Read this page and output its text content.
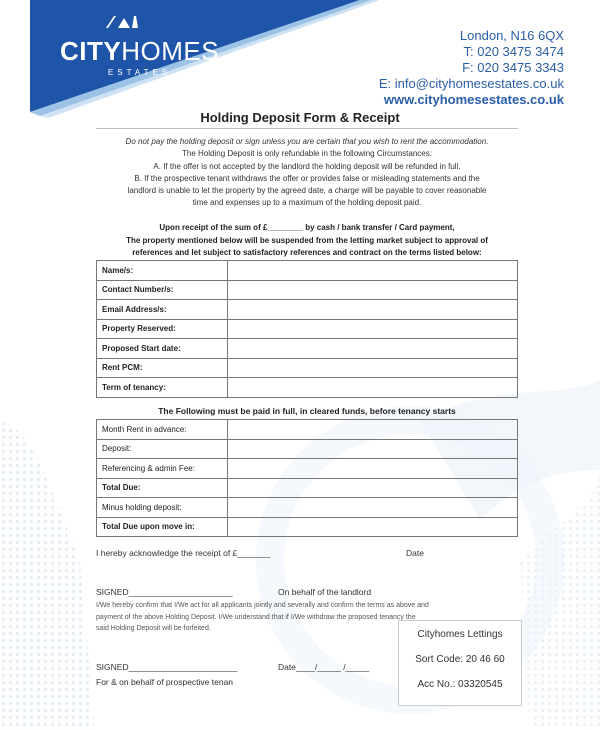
CITYHOMES
ESTATES
London, N16 6QX
T: 020 3475 3474
F: 020 3475 3343
E: info@cityhomesestates.co.uk
www.cityhomesestates.co.uk
Holding Deposit Form & Receipt
Do not pay the holding deposit or sign unless you are certain that you wish to rent the accommodation.
The Holding Deposit is only refundable in the following Circumstances:
A. If the offer is not accepted by the landlord the holding deposit will be refunded in full.
B. If the prospective tenant withdraws the offer or provides false or misleading statements and the
landlord is unable to let the property by the agreed date, a charge will be payable to cover reasonable
time and expenses up to a maximum of the holding deposit paid.
Upon receipt of the sum of £________ by cash / bank transfer / Card payment,
The property mentioned below will be suspended from the letting market subject to approval of
references and let subject to satisfactory references and contract on the terms listed below:
Name/s:	
Contact Number/s:	
Email Address/s:	
Property Reserved:	
Proposed Start date:	
Rent PCM:	
Term of tenancy:	
The Following must be paid in full, in cleared funds, before tenancy starts
Month Rent in advance:	
Deposit:	
Referencing & admin Fee:	
Total Due:	
Minus holding deposit:	
Total Due upon move in:	
I hereby acknowledge the receipt of £_______	Date
SIGNED______________________	On behalf of the landlord
I/We hereby confirm that I/We act for all applicants jointly and severally and confirm the terms as above and
payment of the above Holding Deposit. I/We understand that if I/We withdraw the proposed tenancy the
said Holding Deposit will be forfeited.
SIGNED_______________________	Date____/_____ /_____
For & on behalf of prospective tenan
Cityhomes Lettings
Sort Code: 20 46 60
Acc No.: 03320545
